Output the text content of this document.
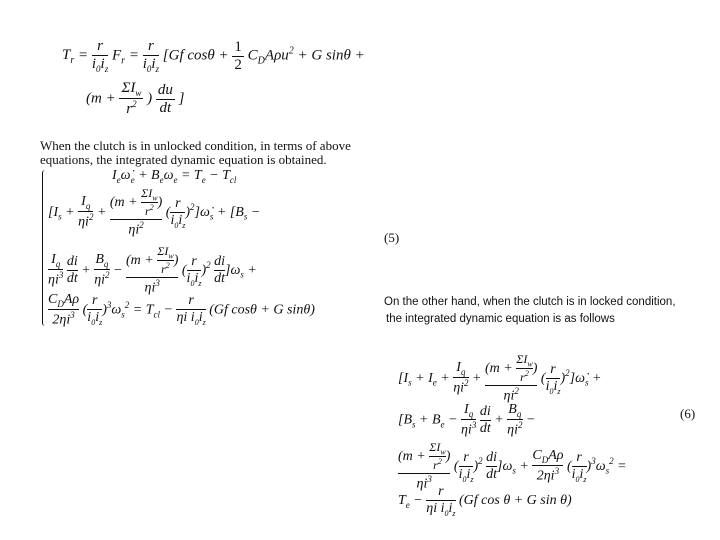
$T_r = \frac{r}{i_0i_z} F_r = \frac{r}{i_0i_z} [Gf$ $\cos\theta + \frac{1}{2} C_DA\rho u^2 + G$ sinθ +
(m +
$\Sigma I_w$
$r^2$ ) $\frac{du}{dt}$ ]
When the clutch is in unlocked condition, in terms of above
equations, the integrated dynamic equation is obtained.
$I_e\omegȧ_e + B_e\omega_e = T_e - T_{cl}$
[$I_s + \frac{I_q}{\eta i^2}$ +
(m +
$\Sigma I_w$
$r^2$ )
$\eta i^2$
( $\frac{r}{i_0i_z}$ )$^2]\omegȧ_s + [B_s$ −
(5)
$\frac{I_q}{\eta i^3}$
$\frac{di}{dt} + \frac{B_q}{\eta i^2}$ −
(m +
$\Sigma I_w$
$r^2$ )
$\eta i^3$
( $\frac{r}{i_0i_z} )^2 \frac{di}{dt} ]\omega_s$ +
$C_DA\rho$
$2\eta i^3$ ( $\frac{r}{i_0i_z} )^3\omega_s^2 = T_{cl} - \frac{r}{\eta i i_0i_z} (Gf$ cosθ + G sinθ)
On the other hand, when the clutch is in locked condition,
the integrated dynamic equation is as follows
[$I_s + I_e + \frac{I_q}{\eta i^2}$ +
(m +
$\Sigma I_w$
$r^2$ )
$\eta i^2$
( $\frac{r}{i_0i_z}$ )$^2]\omegȧ_s$ +
[$B_s + B_e - \frac{I_q}{\eta i^3}$
$\frac{di}{dt} + \frac{B_q}{\eta i^2}$ −	(6)
(m +
$\Sigma I_w$
$r^2$ )
$\eta i^3$
( $\frac{r}{i_0i_z} )^2 \frac{di}{dt} ]\omega_s$ +
$C_DA\rho$
$2\eta i^3$ ( $\frac{r}{i_0i_z} )^3\omega_s^2$ =
$T_e - \frac{r}{\eta i i_0i_z} (Gf$ cos θ + G sin θ)
